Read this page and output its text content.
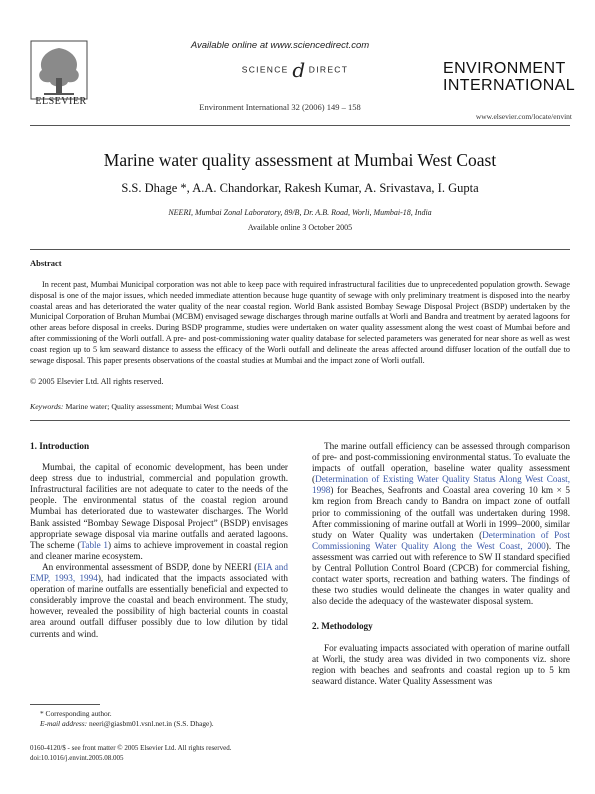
ELSEVIER
Available online at www.sciencedirect.com
SCIENCE d DIRECT
Environment International 32 (2006) 149 – 158
ENVIRONMENT
INTERNATIONAL
www.elsevier.com/locate/envint
Marine water quality assessment at Mumbai West Coast
S.S. Dhage *, A.A. Chandorkar, Rakesh Kumar, A. Srivastava, I. Gupta
NEERI, Mumbai Zonal Laboratory, 89/B, Dr. A.B. Road, Worli, Mumbai-18, India
Available online 3 October 2005
Abstract
In recent past, Mumbai Municipal corporation was not able to keep pace with required infrastructural facilities due to unprecedented population growth. Sewage disposal is one of the major issues, which needed immediate attention because huge quantity of sewage with only preliminary treatment is disposed into the nearby coastal areas and has deteriorated the water quality of the near coastal region. World Bank assisted Bombay Sewage Disposal Project (BSDP) undertaken by the Municipal Corporation of Bruhan Mumbai (MCBM) envisaged sewage discharges through marine outfalls at Worli and Bandra and treatment by aerated lagoons for other areas before disposal in creeks. During BSDP programme, studies were undertaken on water quality assessment along the west coast of Mumbai before and after commissioning of the Worli outfall. A pre- and post-commissioning water quality database for selected parameters was generated for near shore as well as west coast region up to 5 km seaward distance to assess the efficacy of the Worli outfall and delineate the areas affected around diffuser location of the outfall due to sewage disposal. This paper presents observations of the coastal studies at Mumbai and the impact zone of Worli outfall.
© 2005 Elsevier Ltd. All rights reserved.
Keywords: Marine water; Quality assessment; Mumbai West Coast
1. Introduction

Mumbai, the capital of economic development, has been under deep stress due to industrial, commercial and population growth. Infrastructural facilities are not adequate to cater to the needs of the people. The environmental status of the coastal region around Mumbai has deteriorated due to wastewater discharges. The World Bank assisted “Bombay Sewage Disposal Project” (BSDP) envisages appropriate sewage disposal via marine outfalls and aerated lagoons. The scheme (Table 1) aims to achieve improvement in coastal region and cleaner marine ecosystem.

An environmental assessment of BSDP, done by NEERI (EIA and EMP, 1993, 1994), had indicated that the impacts associated with operation of marine outfalls are essentially beneficial and expected to considerably improve the coastal and beach environment. The study, however, revealed the possibility of high bacterial counts in coastal area around outfall diffuser possibly due to low dilution by tidal currents and wind.

The marine outfall efficiency can be assessed through comparison of pre- and post-commissioning environmental status. To evaluate the impacts of outfall operation, baseline water quality assessment (Determination of Existing Water Quality Status Along West Coast, 1998) for Beaches, Seafronts and Coastal area covering 10 km × 5 km region from Breach candy to Bandra on impact zone of outfall prior to commissioning of the outfall was undertaken during 1998. After commissioning of marine outfall at Worli in 1999–2000, similar study on Water Quality was undertaken (Determination of Post Commissioning Water Quality Along the West Coast, 2000). The assessment was carried out with reference to SW II standard specified by Central Pollution Control Board (CPCB) for commercial fishing, contact water sports, recreation and bathing waters. The findings of these two studies would delineate the changes in water quality and also decide the adequacy of the wastewater disposal system.

2. Methodology

For evaluating impacts associated with operation of marine outfall at Worli, the study area was divided in two components viz. shore region with beaches and seafronts and coastal region up to 5 km seaward distance. Water Quality Assessment was

* Corresponding author.
E-mail address: neeri@giasbm01.vsnl.net.in (S.S. Dhage).
0160-4120/$ - see front matter © 2005 Elsevier Ltd. All rights reserved.
doi:10.1016/j.envint.2005.08.005
